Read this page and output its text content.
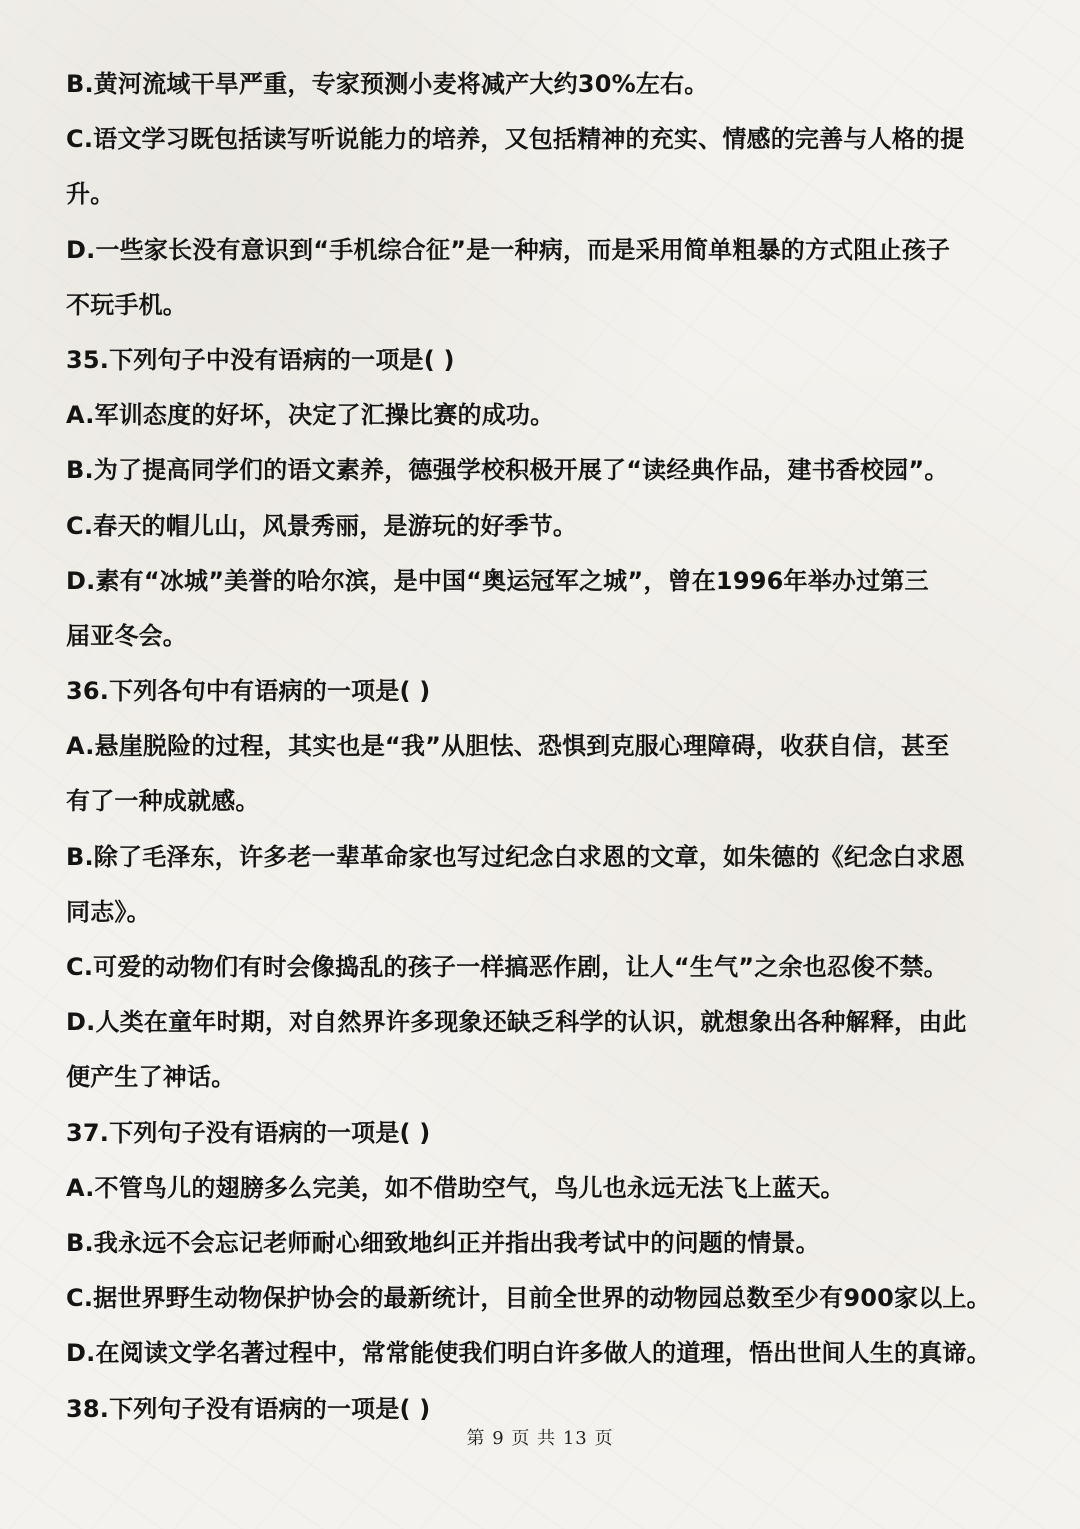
B.黄河流域干旱严重，专家预测小麦将减产大约30%左右。
C.语文学习既包括读写听说能力的培养，又包括精神的充实、情感的完善与人格的提
升。
D.一些家长没有意识到“手机综合征”是一种病，而是采用简单粗暴的方式阻止孩子
不玩手机。
35.下列句子中没有语病的一项是( )
A.军训态度的好坏，决定了汇操比赛的成功。
B.为了提高同学们的语文素养，德强学校积极开展了“读经典作品，建书香校园”。
C.春天的帽儿山，风景秀丽，是游玩的好季节。
D.素有“冰城”美誉的哈尔滨，是中国“奥运冠军之城”，曾在1996年举办过第三
届亚冬会。
36.下列各句中有语病的一项是( )
A.悬崖脱险的过程，其实也是“我”从胆怯、恐惧到克服心理障碍，收获自信，甚至
有了一种成就感。
B.除了毛泽东，许多老一辈革命家也写过纪念白求恩的文章，如朱德的《纪念白求恩
同志》。
C.可爱的动物们有时会像捣乱的孩子一样搞恶作剧，让人“生气”之余也忍俊不禁。
D.人类在童年时期，对自然界许多现象还缺乏科学的认识，就想象出各种解释，由此
便产生了神话。
37.下列句子没有语病的一项是( )
A.不管鸟儿的翅膀多么完美，如不借助空气，鸟儿也永远无法飞上蓝天。
B.我永远不会忘记老师耐心细致地纠正并指出我考试中的问题的情景。
C.据世界野生动物保护协会的最新统计，目前全世界的动物园总数至少有900家以上。
D.在阅读文学名著过程中，常常能使我们明白许多做人的道理，悟出世间人生的真谛。
38.下列句子没有语病的一项是( )
第 9 页 共 13 页
